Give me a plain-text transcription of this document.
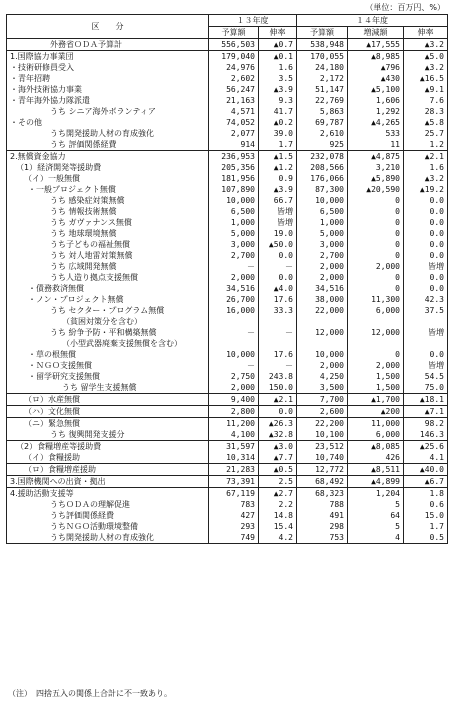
（単位：百万円、%）
区　　分	１３年度		１４年度		
	予算額	伸率	予算額	増減額	伸率
外務省ＯＤＡ予算計	556,503	▲0.7	538,948	▲17,555	▲3.2
1.国際協力事業団	179,040	▲0.1	170,055	▲8,985	▲5.0
・技術研修員受入	24,976	1.6	24,180	▲796	▲3.2
・青年招聘	2,602	3.5	2,172	▲430	▲16.5
・海外技術協力事業	56,247	▲3.9	51,147	▲5,100	▲9.1
・青年海外協力隊派遣	21,163	9.3	22,769	1,606	7.6
うち シニア海外ボランティア	4,571	41.7	5,863	1,292	28.3
・その他	74,052	▲0.2	69,787	▲4,265	▲5.8
うち開発援助人材の育成強化	2,077	39.0	2,610	533	25.7
うち 評価関係経費	914	1.7	925	11	1.2
2.無償資金協力	236,953	▲1.5	232,078	▲4,875	▲2.1
（1）経済開発等援助費	205,356	▲1.2	208,566	3,210	1.6
（イ）一般無償	181,956	0.9	176,066	▲5,890	▲3.2
・一般プロジェクト無償	107,890	▲3.9	87,300	▲20,590	▲19.2
うち 感染症対策無償	10,000	66.7	10,000	0	0.0
うち 情報技術無償	6,500	皆増	6,500	0	0.0
うち ガヴァナンス無償	1,000	皆増	1,000	0	0.0
うち 地球環境無償	5,000	19.0	5,000	0	0.0
うち子どもの福祉無償	3,000	▲50.0	3,000	0	0.0
うち 対人地雷対策無償	2,700	0.0	2,700	0	0.0
うち 広域開発無償	－	－	2,000	2,000	皆増
うち人造り拠点支援無償	2,000	0.0	2,000	0	0.0
・債務救済無償	34,516	▲4.0	34,516	0	0.0
・ノン・プロジェクト無償	26,700	17.6	38,000	11,300	42.3
うち セクター・プログラム無償	16,000	33.3	22,000	6,000	37.5
（貧困対策分を含む）					
うち 紛争予防・平和構築無償	－	－	12,000	12,000	皆増
（小型武器廃棄支援無償を含む）					
・草の根無償	10,000	17.6	10,000	0	0.0
・ＮＧＯ支援無償	－	－	2,000	2,000	皆増
・留学研究支援無償	2,750	243.8	4,250	1,500	54.5
うち 留学生支援無償	2,000	150.0	3,500	1,500	75.0
（ロ）水産無償	9,400	▲2.1	7,700	▲1,700	▲18.1
（ハ）文化無償	2,800	0.0	2,600	▲200	▲7.1
（ニ）緊急無償	11,200	▲26.3	22,200	11,000	98.2
うち 復興開発支援分	4,100	▲32.8	10,100	6,000	146.3
（2）食糧増産等援助費	31,597	▲3.0	23,512	▲8,085	▲25.6
（イ）食糧援助	10,314	▲7.7	10,740	426	4.1
（ロ）食糧増産援助	21,283	▲0.5	12,772	▲8,511	▲40.0
3.国際機関への出資・拠出	73,391	2.5	68,492	▲4,899	▲6.7
4.援助活動支援等	67,119	▲2.7	68,323	1,204	1.8
うちＯＤＡの理解促進	783	2.2	788	5	0.6
うち評価関係経費	427	14.8	491	64	15.0
うちＮＧＯ活動環境整備	293	15.4	298	5	1.7
うち開発援助人材の育成強化	749	4.2	753	4	0.5
（注）　四捨五入の関係上合計に不一致あり。
